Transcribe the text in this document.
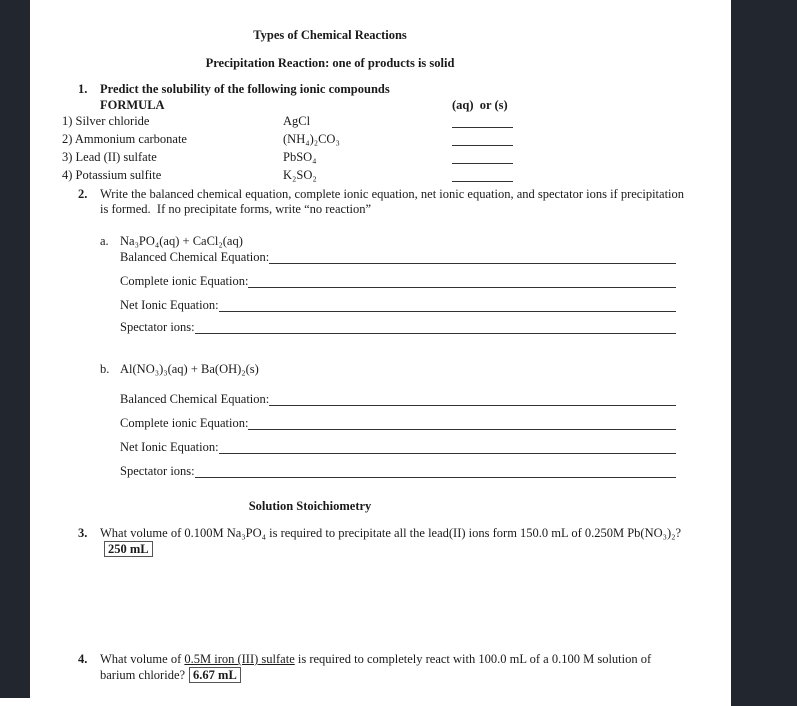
Types of Chemical Reactions
Precipitation Reaction: one of products is solid
1.	Predict the solubility of the following ionic compounds
FORMULA	(aq)  or (s)
1) Silver chloride	AgCl
2) Ammonium carbonate	(NH₄)₂CO₃
3) Lead (II) sulfate	PbSO₄
4) Potassium sulfite	K₂SO₂
2.	Write the balanced chemical equation, complete ionic equation, net ionic equation, and spectator ions if precipitation is formed.  If no precipitate forms, write “no reaction”
a. Na₃PO₄(aq) + CaCl₂(aq)
Balanced Chemical Equation:
Complete ionic Equation:
Net Ionic Equation:
Spectator ions:
b. Al(NO₃)₃(aq) + Ba(OH)₂(s)
Balanced Chemical Equation:
Complete ionic Equation:
Net Ionic Equation:
Spectator ions:
Solution Stoichiometry
3.	What volume of 0.100M Na₃PO₄ is required to precipitate all the lead(II) ions form 150.0 mL of 0.250M Pb(NO₃)₂?250 mL
4.	What volume of 0.5M iron (III) sulfate is required to completely react with 100.0 mL of a 0.100 M solution of barium chloride? 6.67 mL
